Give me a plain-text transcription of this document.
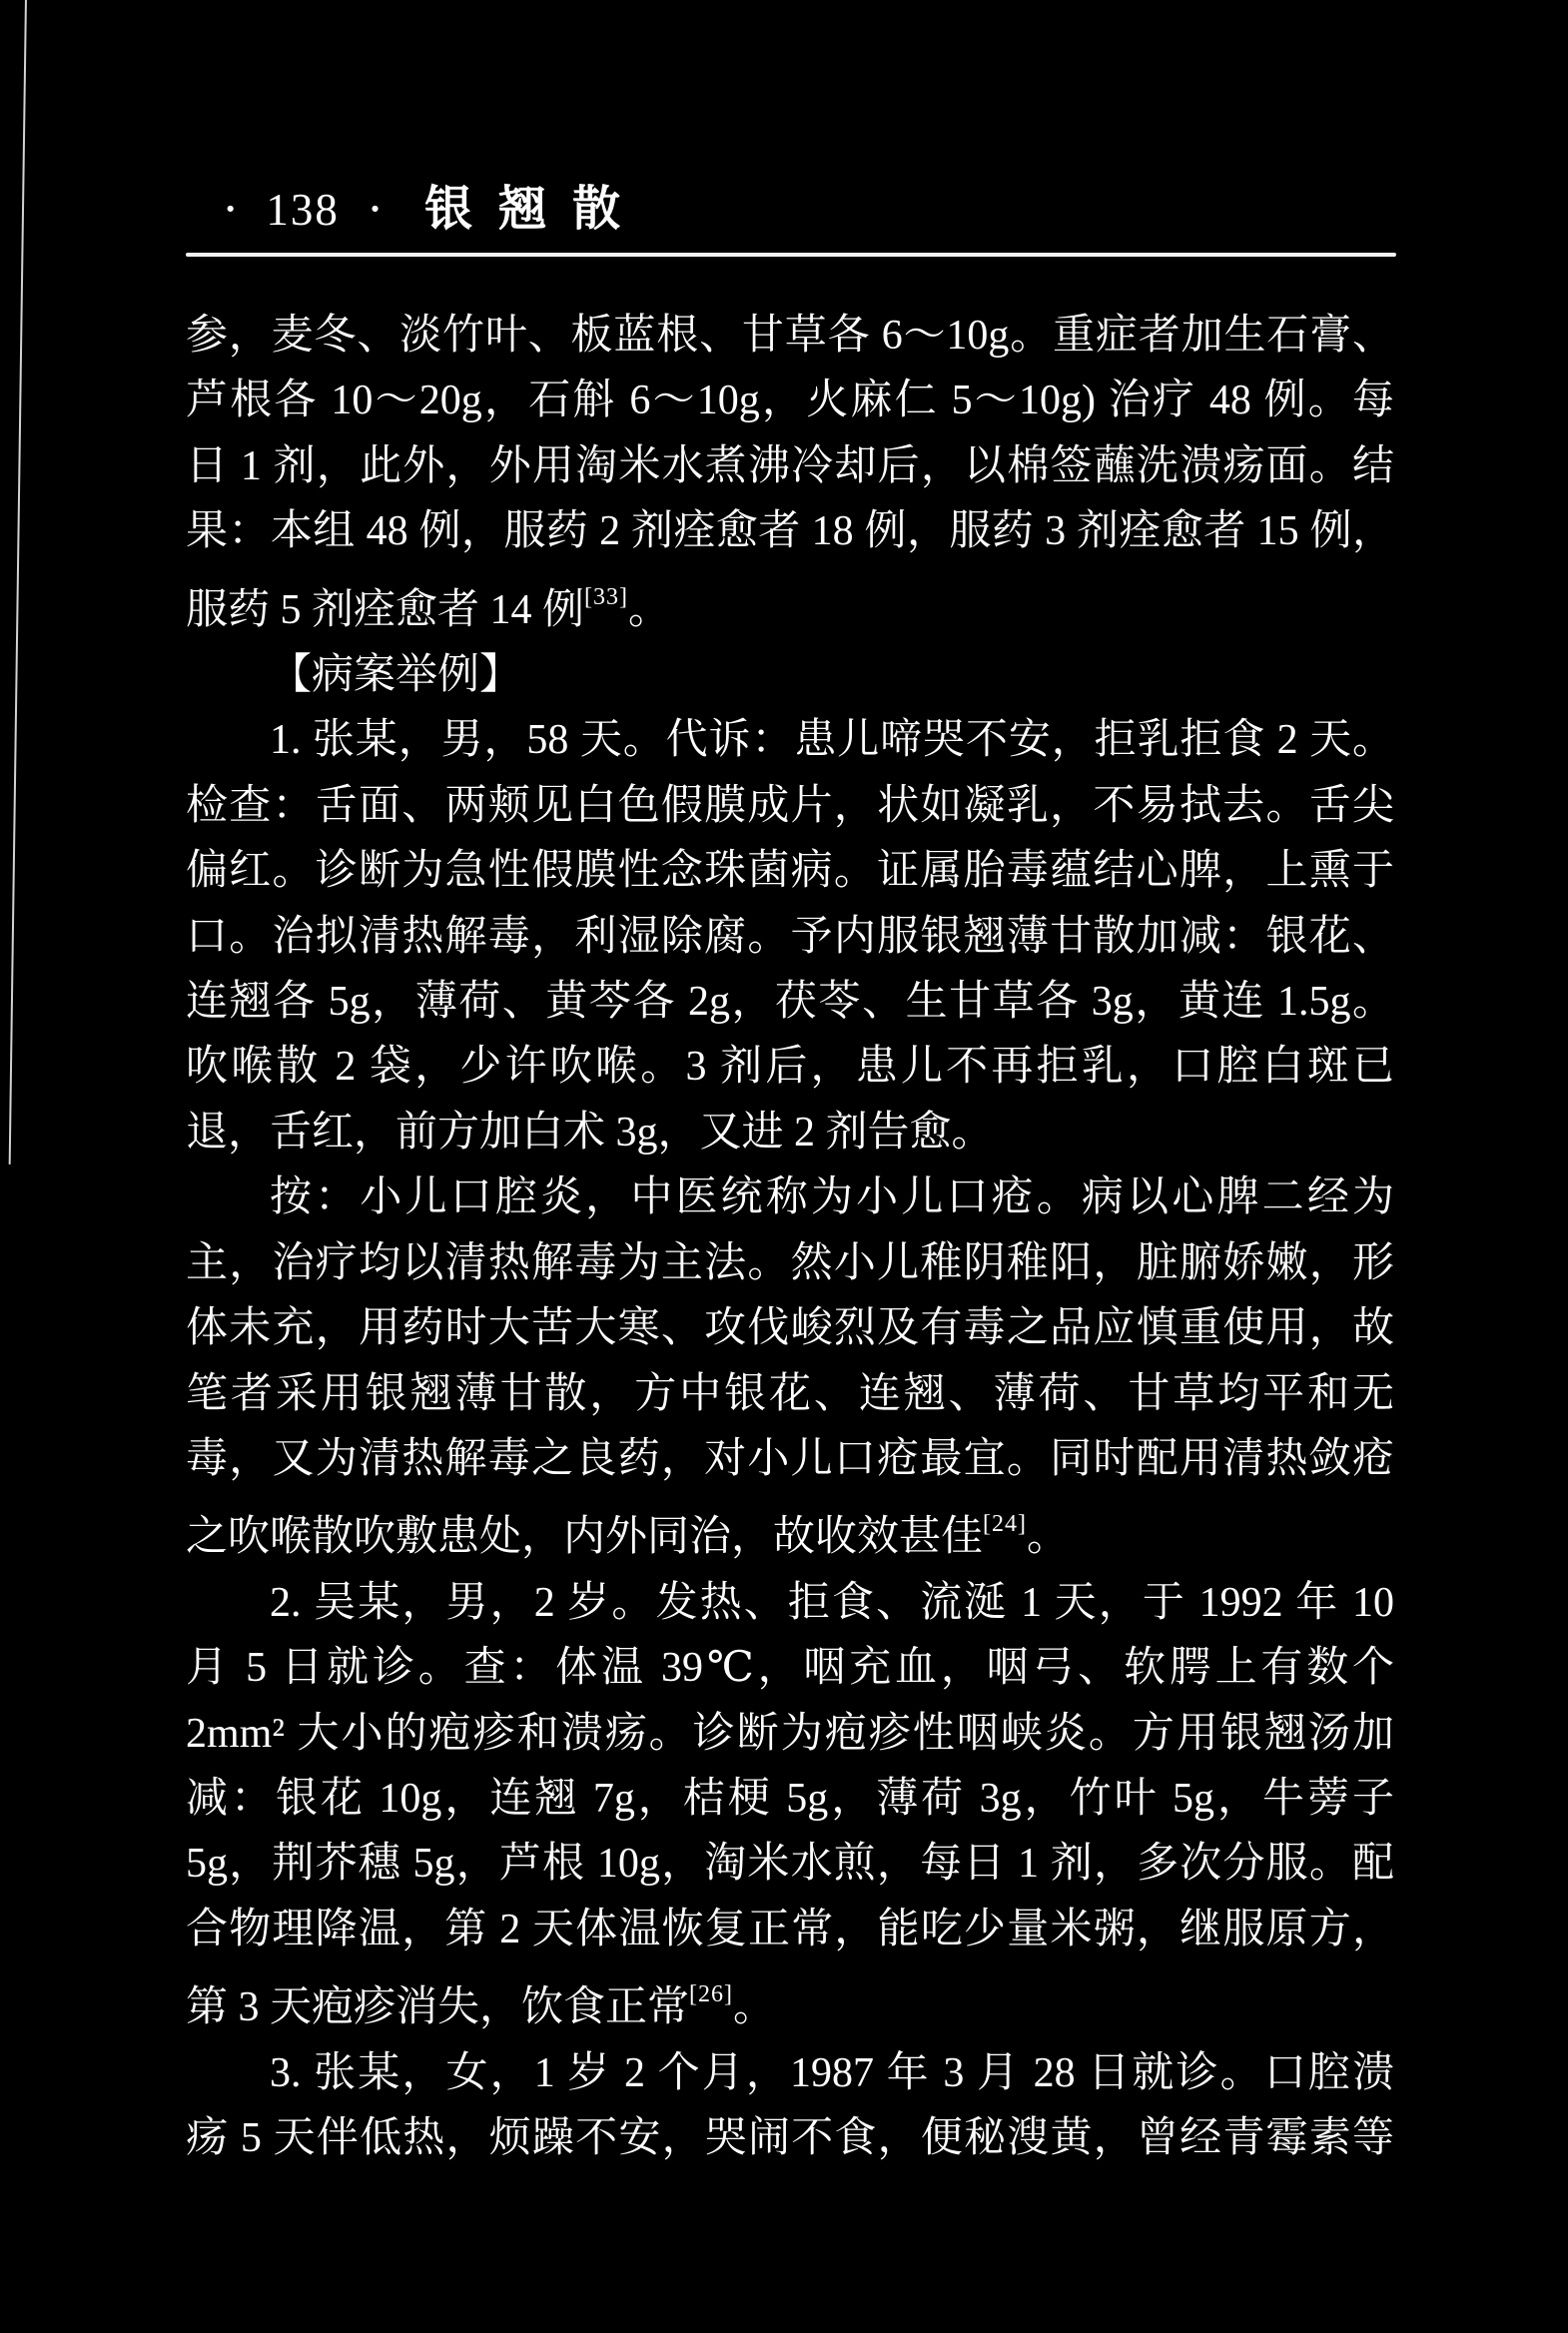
· 138 · 银翘散
参，麦冬、淡竹叶、板蓝根、甘草各 6～10g。重症者加生石膏、
芦根各 10～20g，石斛 6～10g，火麻仁 5～10g) 治疗 48 例。每
日 1 剂，此外，外用淘米水煮沸冷却后，以棉签蘸洗溃疡面。结
果：本组 48 例，服药 2 剂痊愈者 18 例，服药 3 剂痊愈者 15 例，
服药 5 剂痊愈者 14 例[33]。
【病案举例】
1. 张某，男，58 天。代诉：患儿啼哭不安，拒乳拒食 2 天。
检查：舌面、两颊见白色假膜成片，状如凝乳，不易拭去。舌尖
偏红。诊断为急性假膜性念珠菌病。证属胎毒蕴结心脾，上熏于
口。治拟清热解毒，利湿除腐。予内服银翘薄甘散加减：银花、
连翘各 5g，薄荷、黄芩各 2g，茯苓、生甘草各 3g，黄连 1.5g。
吹喉散 2 袋，少许吹喉。3 剂后，患儿不再拒乳，口腔白斑已
退，舌红，前方加白术 3g，又进 2 剂告愈。
按：小儿口腔炎，中医统称为小儿口疮。病以心脾二经为
主，治疗均以清热解毒为主法。然小儿稚阴稚阳，脏腑娇嫩，形
体未充，用药时大苦大寒、攻伐峻烈及有毒之品应慎重使用，故
笔者采用银翘薄甘散，方中银花、连翘、薄荷、甘草均平和无
毒，又为清热解毒之良药，对小儿口疮最宜。同时配用清热敛疮
之吹喉散吹敷患处，内外同治，故收效甚佳[24]。
2. 吴某，男，2 岁。发热、拒食、流涎 1 天，于 1992 年 10
月 5 日就诊。查：体温 39℃，咽充血，咽弓、软腭上有数个
2mm² 大小的疱疹和溃疡。诊断为疱疹性咽峡炎。方用银翘汤加
减：银花 10g，连翘 7g，桔梗 5g，薄荷 3g，竹叶 5g，牛蒡子
5g，荆芥穗 5g，芦根 10g，淘米水煎，每日 1 剂，多次分服。配
合物理降温，第 2 天体温恢复正常，能吃少量米粥，继服原方，
第 3 天疱疹消失，饮食正常[26]。
3. 张某，女，1 岁 2 个月，1987 年 3 月 28 日就诊。口腔溃
疡 5 天伴低热，烦躁不安，哭闹不食，便秘溲黄，曾经青霉素等
